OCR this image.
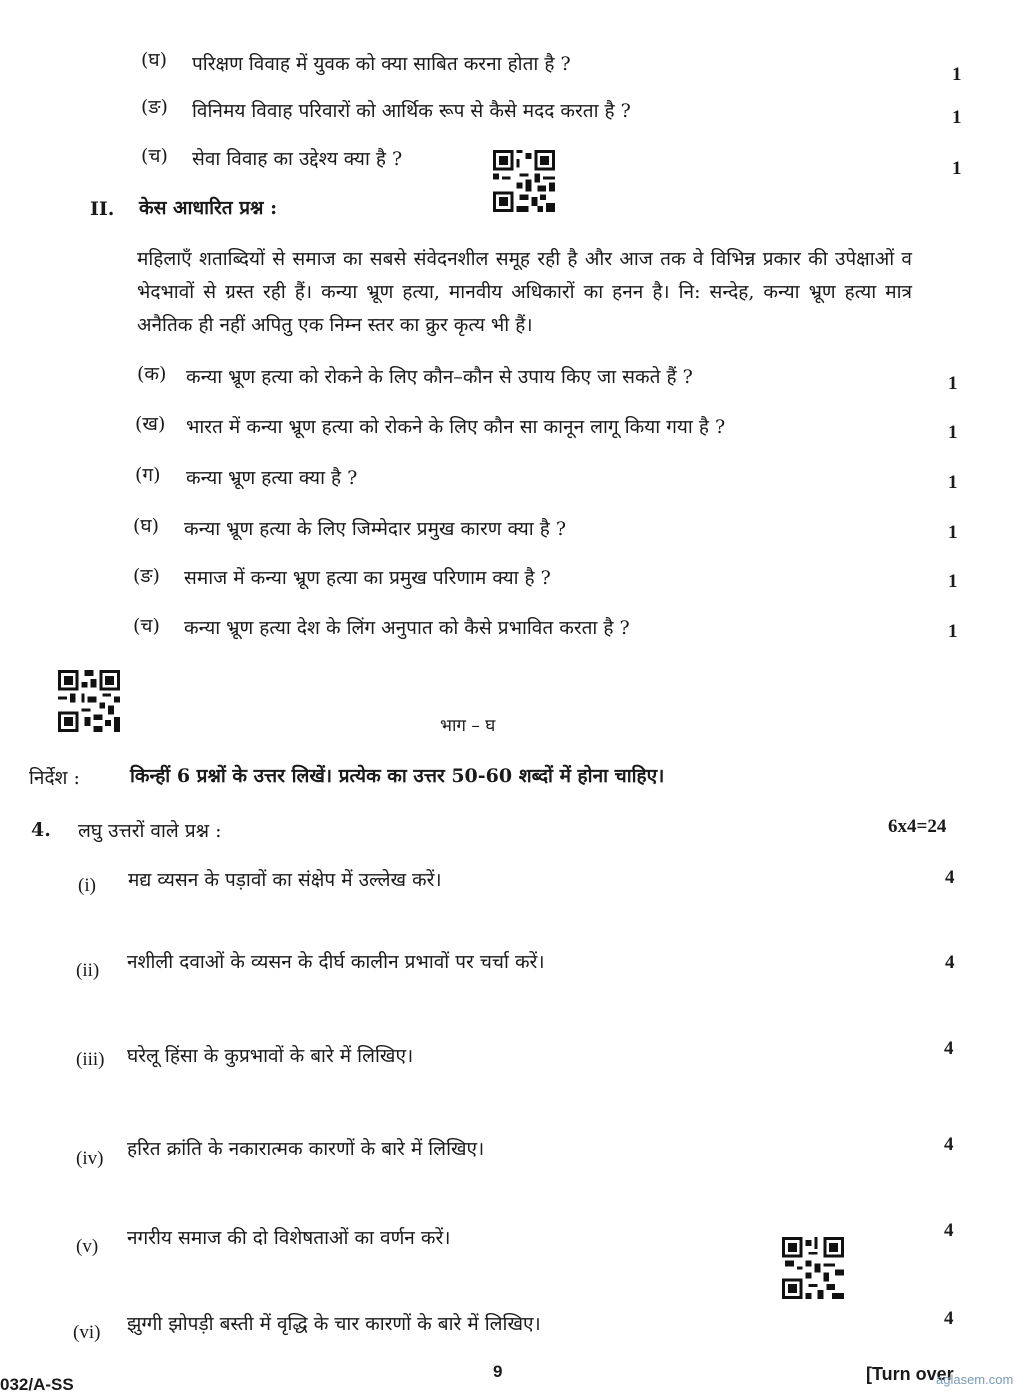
(घ) परिक्षण विवाह में युवक को क्या साबित करना होता है ?	1
(ङ) विनिमय विवाह परिवारों को आर्थिक रूप से कैसे मदद करता है ?	1
(च) सेवा विवाह का उद्देश्य क्या है ?	1
II. केस आधारित प्रश्न :
महिलाएँ शताब्दियों से समाज का सबसे संवेदनशील समूह रही है और आज तक वे विभिन्न प्रकार की उपेक्षाओं व भेदभावों से ग्रस्त रही हैं। कन्या भ्रूण हत्या, मानवीय अधिकारों का हनन है। नि: सन्देह, कन्या भ्रूण हत्या मात्र अनैतिक ही नहीं अपितु एक निम्न स्तर का क्रुर कृत्य भी हैं।
(क) कन्या भ्रूण हत्या को रोकने के लिए कौन–कौन से उपाय किए जा सकते हैं ?	1
(ख) भारत में कन्या भ्रूण हत्या को रोकने के लिए कौन सा कानून लागू किया गया है ?	1
(ग) कन्या भ्रूण हत्या क्या है ?	1
(घ) कन्या भ्रूण हत्या के लिए जिम्मेदार प्रमुख कारण क्या है ?	1
(ङ) समाज में कन्या भ्रूण हत्या का प्रमुख परिणाम क्या है ?	1
(च) कन्या भ्रूण हत्या देश के लिंग अनुपात को कैसे प्रभावित करता है ?	1
भाग – घ
निर्देश :	किन्हीं 6 प्रश्नों के उत्तर लिखें। प्रत्येक का उत्तर 50-60 शब्दों में होना चाहिए।
4. लघु उत्तरों वाले प्रश्न :	6x4=24
(i) मद्य व्यसन के पड़ावों का संक्षेप में उल्लेख करें।	4
(ii) नशीली दवाओं के व्यसन के दीर्घ कालीन प्रभावों पर चर्चा करें।	4
(iii) घरेलू हिंसा के कुप्रभावों के बारे में लिखिए।	4
(iv) हरित क्रांति के नकारात्मक कारणों के बारे में लिखिए।	4
(v) नगरीय समाज की दो विशेषताओं का वर्णन करें।	4
(vi) झुग्गी झोपड़ी बस्ती में वृद्धि के चार कारणों के बारे में लिखिए।	4
032/A-SS
9	[Turn over
aglasem.com
